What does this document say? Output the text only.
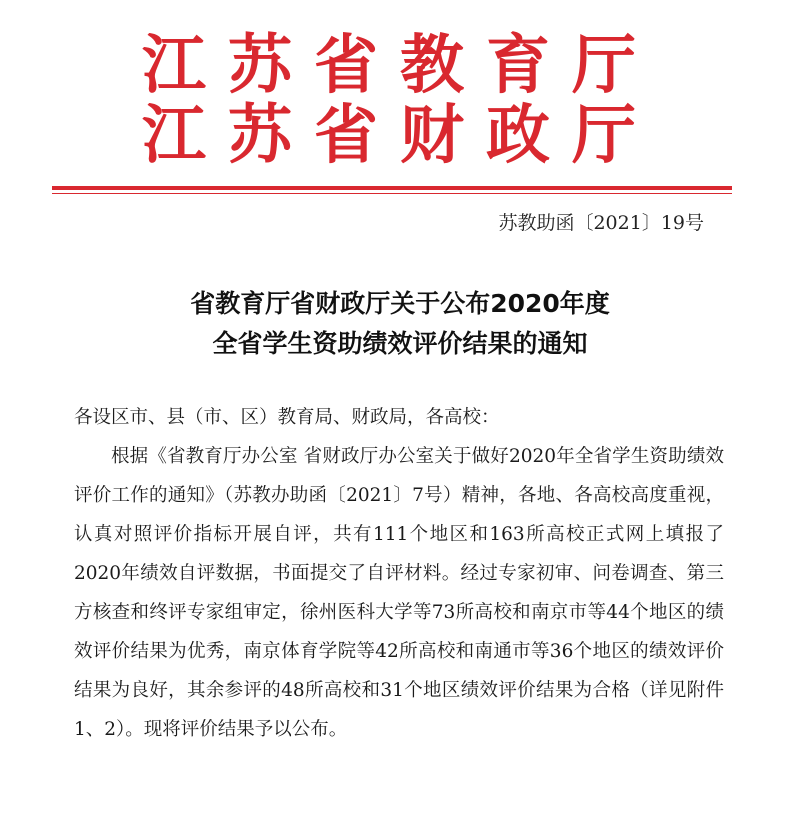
江苏省教育厅
江苏省财政厅
苏教助函〔2021〕19号
省教育厅省财政厅关于公布2020年度
全省学生资助绩效评价结果的通知
各设区市、县（市、区）教育局、财政局，各高校：
根据《省教育厅办公室 省财政厅办公室关于做好2020年全省学生资助绩效评价工作的通知》（苏教办助函〔2021〕7号）精神，各地、各高校高度重视，认真对照评价指标开展自评，共有111个地区和163所高校正式网上填报了2020年绩效自评数据，书面提交了自评材料。经过专家初审、问卷调查、第三方核查和终评专家组审定，徐州医科大学等73所高校和南京市等44个地区的绩效评价结果为优秀，南京体育学院等42所高校和南通市等36个地区的绩效评价结果为良好，其余参评的48所高校和31个地区绩效评价结果为合格（详见附件1、2）。现将评价结果予以公布。
